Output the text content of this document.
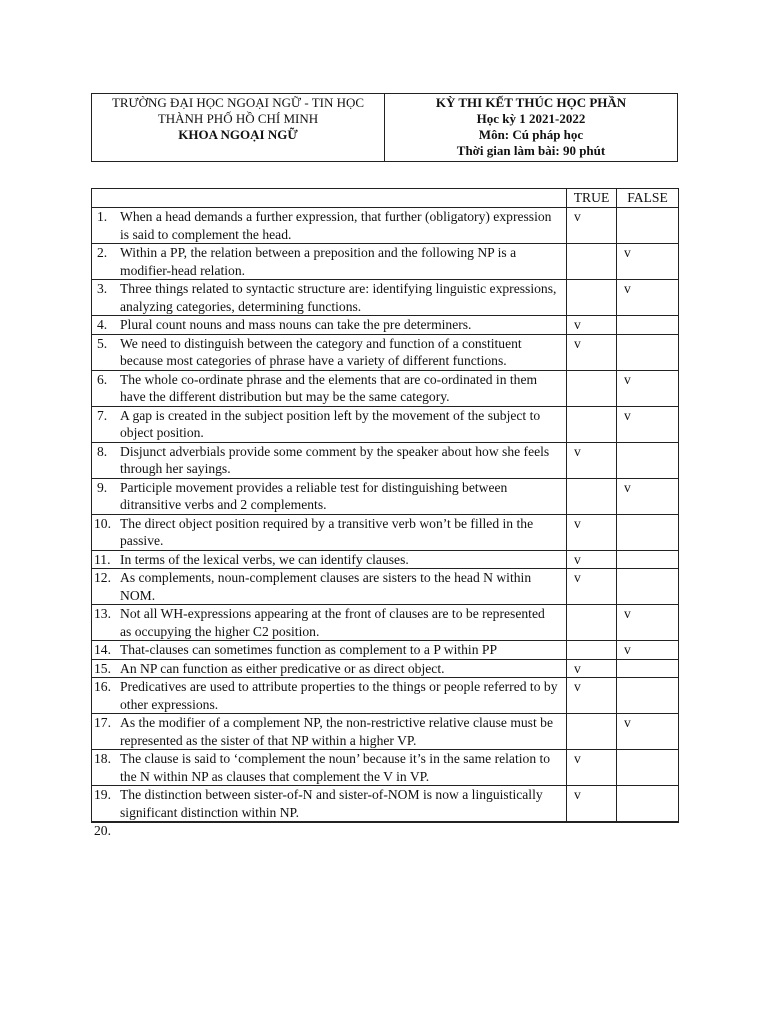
TRƯỜNG ĐẠI HỌC NGOẠI NGỮ - TIN HỌC
THÀNH PHỐ HỒ CHÍ MINH
KHOA NGOẠI NGỮ

KỲ THI KẾT THÚC HỌC PHẦN
Học kỳ 1 2021-2022
Môn: Cú pháp học
Thời gian làm bài: 90 phút
	TRUE	FALSE

1. When a head demands a further expression, that further (obligatory) expression is said to complement the head.	v	

2. Within a PP, the relation between a preposition and the following NP is a modifier-head relation.		v

3. Three things related to syntactic structure are: identifying linguistic expressions, analyzing categories, determining functions.		v

4. Plural count nouns and mass nouns can take the pre determiners.	v	

5. We need to distinguish between the category and function of a constituent because most categories of phrase have a variety of different functions.	v	

6. The whole co-ordinate phrase and the elements that are co-ordinated in them have the different distribution but may be the same category.		v

7. A gap is created in the subject position left by the movement of the subject to object position.		v

8. Disjunct adverbials provide some comment by the speaker about how she feels through her sayings.	v	

9. Participle movement provides a reliable test for distinguishing between ditransitive verbs and 2 complements.		v

10. The direct object position required by a transitive verb won’t be filled in the passive.	v	

11. In terms of the lexical verbs, we can identify clauses.	v	

12. As complements, noun-complement clauses are sisters to the head N within NOM.	v	

13. Not all WH-expressions appearing at the front of clauses are to be represented as occupying the higher C2 position.		v

14. That-clauses can sometimes function as complement to a P within PP		v

15. An NP can function as either predicative or as direct object.	v	

16. Predicatives are used to attribute properties to the things or people referred to by other expressions.	v	

17. As the modifier of a complement NP, the non-restrictive relative clause must be represented as the sister of that NP within a higher VP.		v

18. The clause is said to ‘complement the noun’ because it’s in the same relation to the N within NP as clauses that complement the V in VP.	v	

19. The distinction between sister-of-N and sister-of-NOM is now a linguistically significant distinction within NP.	v	

20.		
